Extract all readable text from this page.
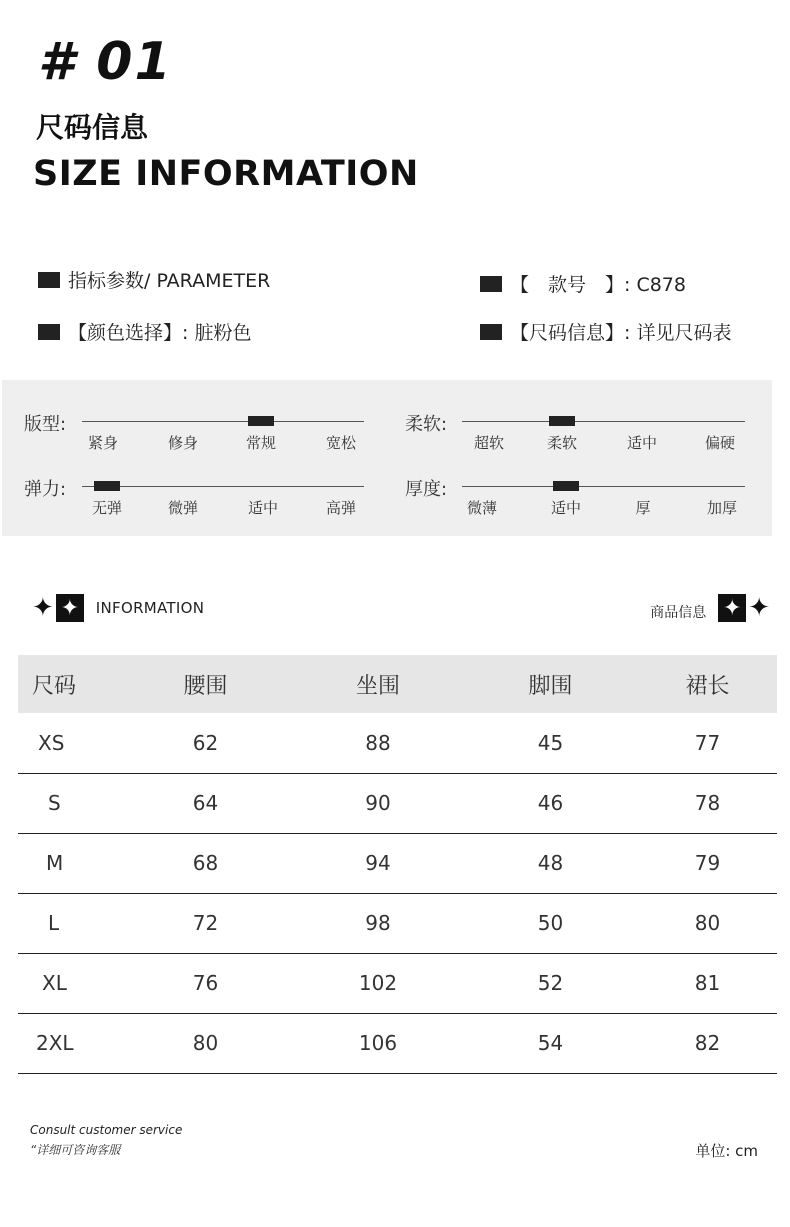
# 01
尺码信息
SIZE INFORMATION
指标参数/ PARAMETER	【　款号　】: C878
【颜色选择】: 脏粉色	【尺码信息】: 详见尺码表
版型:
紧身	修身	常规	宽松
柔软:
超软	柔软	适中	偏硬
弹力:
无弹	微弹	适中	高弹
厚度:
微薄	适中	厚	加厚
✦ ✦	INFORMATION	商品信息 ✦ ✦
尺码	腰围	坐围	脚围	裙长
XS	62	88	45	77
S	64	90	46	78
M	68	94	48	79
L	72	98	50	80
XL	76	102	52	81
2XL	80	106	54	82
Consult customer service
“详细可咨询客服	单位: cm
